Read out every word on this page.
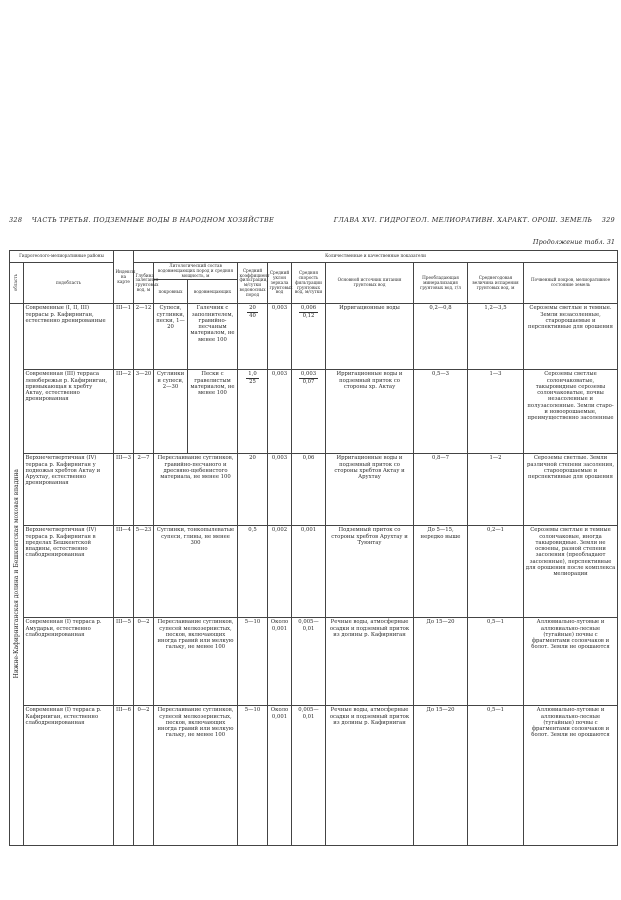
328 ЧАСТЬ ТРЕТЬЯ. ПОДЗЕМНЫЕ ВОДЫ В НАРОДНОМ ХОЗЯЙСТВЕ	ГЛАВА XVI. ГИДРОГЕОЛ. МЕЛИОРАТИВН. ХАРАКТ. ОРОШ. ЗЕМЕЛЬ 329
Продолжение табл. 31
Гидрогеолого-мелиоративные районы		Индексы на карте	Количественные и качественные показатели									
область	подобласть		Глубина залегания грунтовых вод, м	Литологический состав водовмещающих пород и средняя мощность, м		Средний коэффициент фильтрации, м/сутки водоносных пород	Средний уклон зеркала грунтовых вод	Средняя скорость фильтрации грунтовых вод, м/сутки	Основной источник питания грунтовых вод	Преобладающая минерализация грунтовых вод, г/л	Среднегодовая величина испарения грунтовых вод, м	Почвенный покров, мелиоративное состояние земель
				покровных	водовмещающих							
Нижне-Кафирниганская долина и Бешкентская моховая впадина	Современные (I, II, III) террасы р. Кафирниган, естественно дренированные	III—1	2—12	Супеси, суглинки, пески, 1—20	Галечник с заполнителем, гравийно-песчаным материалом, не менее 100	$\frac{20}{40}$	0,003	$\frac{0,006}{0,12}$	Ирригационные воды	0,2—0,8	1,2—3,5	Сероземы светлые и темные. Земли незасоленные, старорошаемые и перспективные для орошения
	Современная (III) терраса левобережья р. Кафирниган, примыкающая к хребту Актау, естественно дренированная	III—2	3—20	Суглинки и супеси, 2—30	Пески с гравелистым материалом, не менее 100	$\frac{1,0}{25}$	0,003	$\frac{0,003}{0,07}$	Ирригационные воды и подземный приток со стороны хр. Актау	0,5—3	1—3	Сероземы светлые солончаковатые, такыровидные сероземы солончаковатые, почвы незасоленные и полузасоленные. Земли старо- и новоорошаемые, преимущественно засоленные
	Верхнечетвертичная (IV) терраса р. Кафирниган у подножья хребтов Актау и Арухтау, естественно дренированная	III—3	2—7	Переслаивание суглинков, гравийно-песчаного и дресвяно-щебенистого материала, не менее 100		20	0,003	0,06	Ирригационные воды и подземный приток со стороны хребтов Актау и Арухтау	0,8—7	1—2	Сероземы светлые. Земли различной степени засоления, староорошаемые и перспективные для орошения
	Верхнечетвертичная (IV) терраса р. Кафирниган в пределах Бешкентской впадины, естественно слабодренированная	III—4	5—23	Суглинки, тонкопылеватые супеси, глины, не менее 300		0,5	0,002	0,001	Подземный приток со стороны хребтов Арухтау и Туюнтау	До 5—15, нередко выше	0,2—1	Сероземы светлые и темные солончаковые, иногда такыровидные. Земли не освоены, разной степени засоления (преобладают засоленные), перспективные для орошения после комплекса мелиорации
	Современная (I) терраса р. Амударьи, естественно слабодренированная	III—5	0—2	Переслаивание суглинков, супесей мелкозернистых, песков, включающих иногда гравий или мелкую гальку, не менее 100		5—10	Около 0,001	0,005—0,01	Речные воды, атмосферные осадки и подземный приток из долины р. Кафирниган	До 15—20	0,5—1	Аллювиально-луговые и аллювиально-лесные (тугайные) почвы с фрагментами солончаков и болот. Земли не орошаются
	Современная (I) терраса р. Кафирниган, естественно слабодренированная	III—6	0—2	Переслаивание суглинков, супесей мелкозернистых, песков, включающих иногда гравий или мелкую гальку, не менее 100		5—10	Около 0,001	0,005—0,01	Речные воды, атмосферные осадки и подземный приток из долины р. Кафирниган	До 15—20	0,5—1	Аллювиально-луговые и аллювиально-лесные (тугайные) почвы с фрагментами солончаков и болот. Земли не орошаются
